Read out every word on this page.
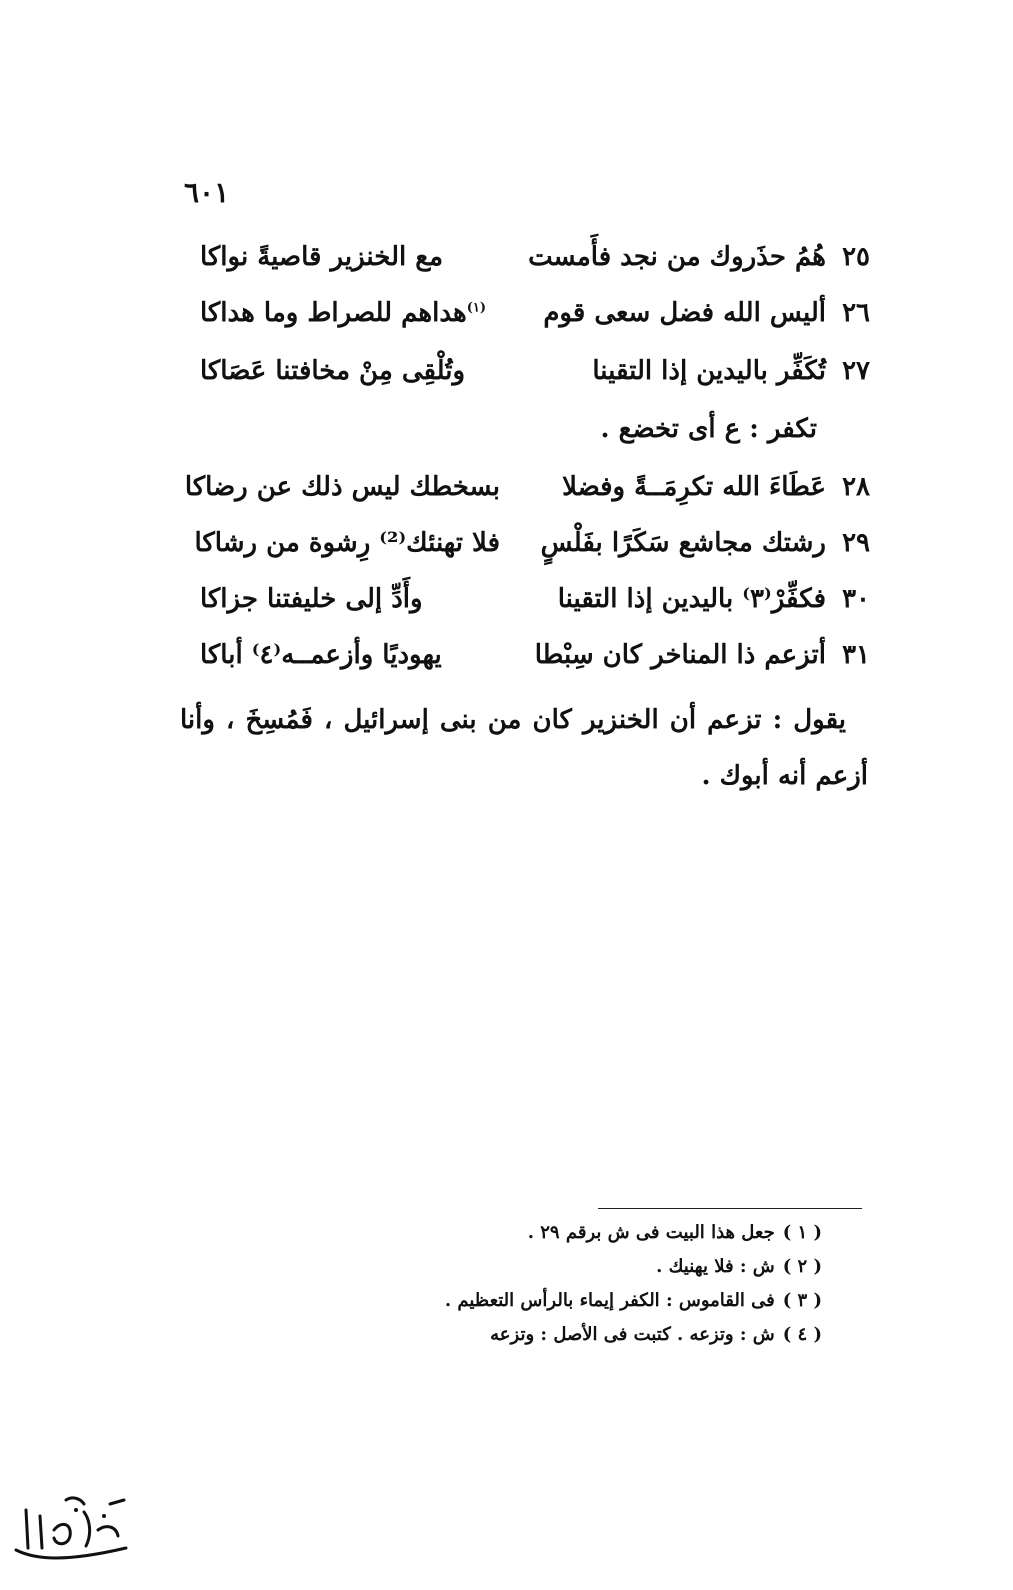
٦٠١
٢٥
هُمُ حذَروك من نجد فأَمست
مع الخنزير قاصيةً نواكا
٢٦
أليس الله فضل سعى قوم
$^{(١)}$هداهم للصراط وما هداكا
٢٧
تُكَفِّر باليدين إذا التقينا
وتُلْقِى مِنْ مخافتنا عَصَاكا
تكفر : ع أى تخضع .
٢٨
عَطَاءَ الله تكرِمَــةً وفضلا
بسخطك ليس ذلك عن رضاكا
٢٩
رشتك مجاشع سَكَرًا بفَلْسٍ
فلا تهنئك⁽²⁾ رِشوة من رشاكا
٣٠
فكفِّرْ⁽٣⁾ باليدين إذا التقينا
وأَدِّ إلى خليفتنا جزاكا
٣١
أتزعم ذا المناخر كان سِبْطا
يهوديًا وأزعمــه⁽٤⁾ أباكا
يقول : تزعم أن الخنزير كان من بنى إسرائيل ، فَمُسِخَ ، وأنا أزعم أنه أبوك .
( ١ )جعل هذا البيت فى ش برقم ٢٩ .
( ٢ )ش : فلا يهنيك .
( ٣ )فى القاموس : الكفر إيماء بالرأس التعظيم .
( ٤ )ش : وتزعه . كتبت فى الأصل : وتزعه
